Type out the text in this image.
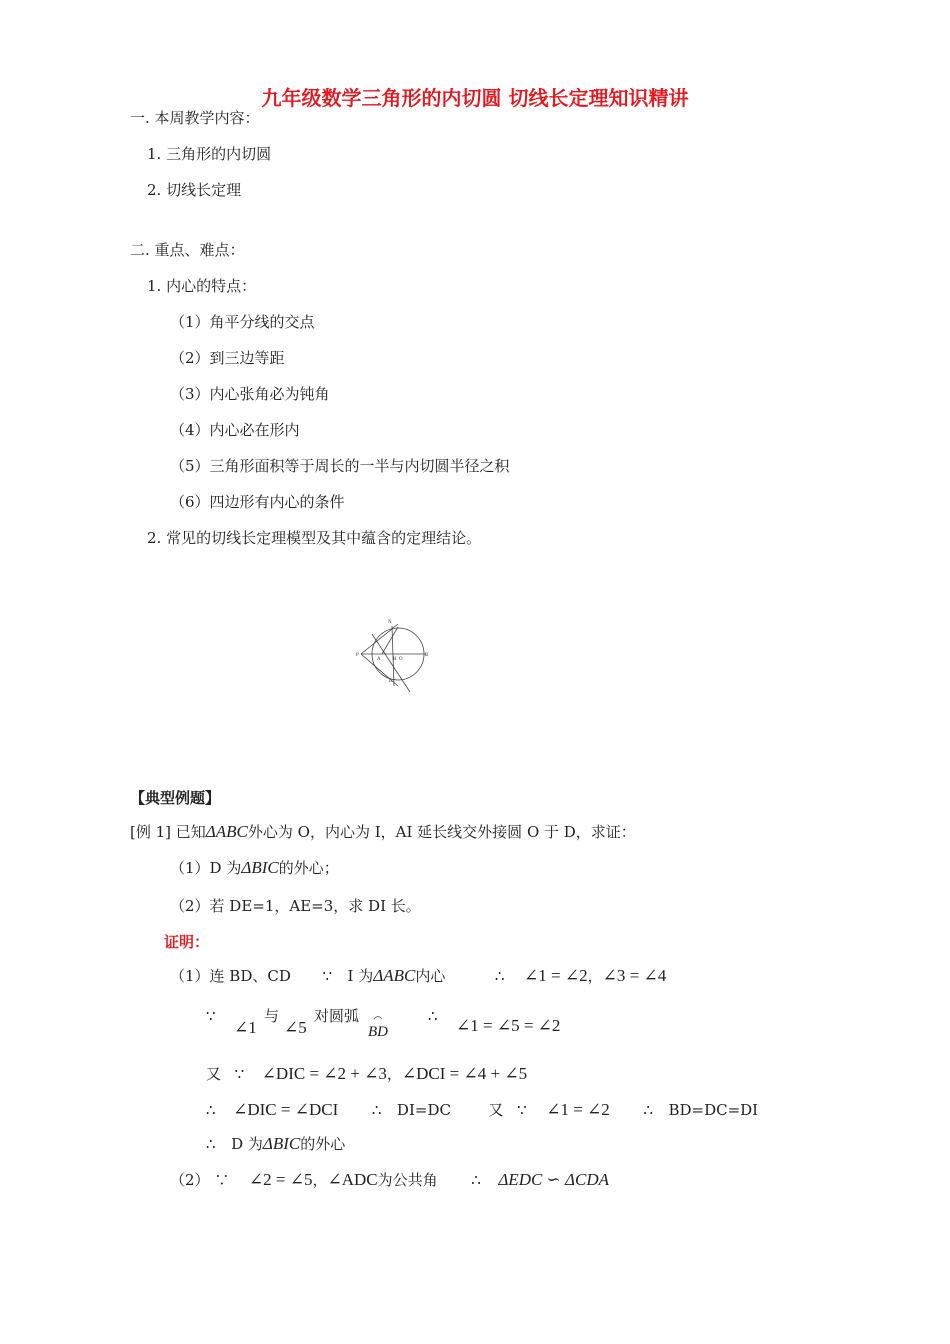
九年级数学三角形的内切圆 切线长定理知识精讲
一. 本周教学内容：
1. 三角形的内切圆
2. 切线长定理
二. 重点、难点：
1. 内心的特点：
（1）角平分线的交点
（2）到三边等距
（3）内心张角必为钝角
（4）内心必在形内
（5）三角形面积等于周长的一半与内切圆半径之积
（6）四边形有内心的条件
2. 常见的切线长定理模型及其中蕴含的定理结论。
P
N
A H O
B
L
【典型例题】
[例 1] 已知ΔABC外心为 O，内心为 I，AI 延长线交外接圆 O 于 D，求证：
（1）D 为ΔBIC的外心；
（2）若 DE=1，AE=3，求 DI 长。
证明：
（1）连 BD、CD ∵ I 为ΔABC内心	∴ ∠1 = ∠2，∠3 = ∠4
∵
∠1
与
∠5
对圆弧
BD
∴ ∠1 = ∠5 = ∠2
又 ∵ ∠DIC = ∠2 + ∠3，∠DCI = ∠4 + ∠5
∴ ∠DIC = ∠DCI ∴ DI=DC	又 ∵ ∠1 = ∠2 ∴ BD=DC=DI
∴ D 为ΔBIC的外心
（2） ∵ ∠2 = ∠5，∠ADC为公共角 ∴ ΔEDC ∽ ΔCDA
